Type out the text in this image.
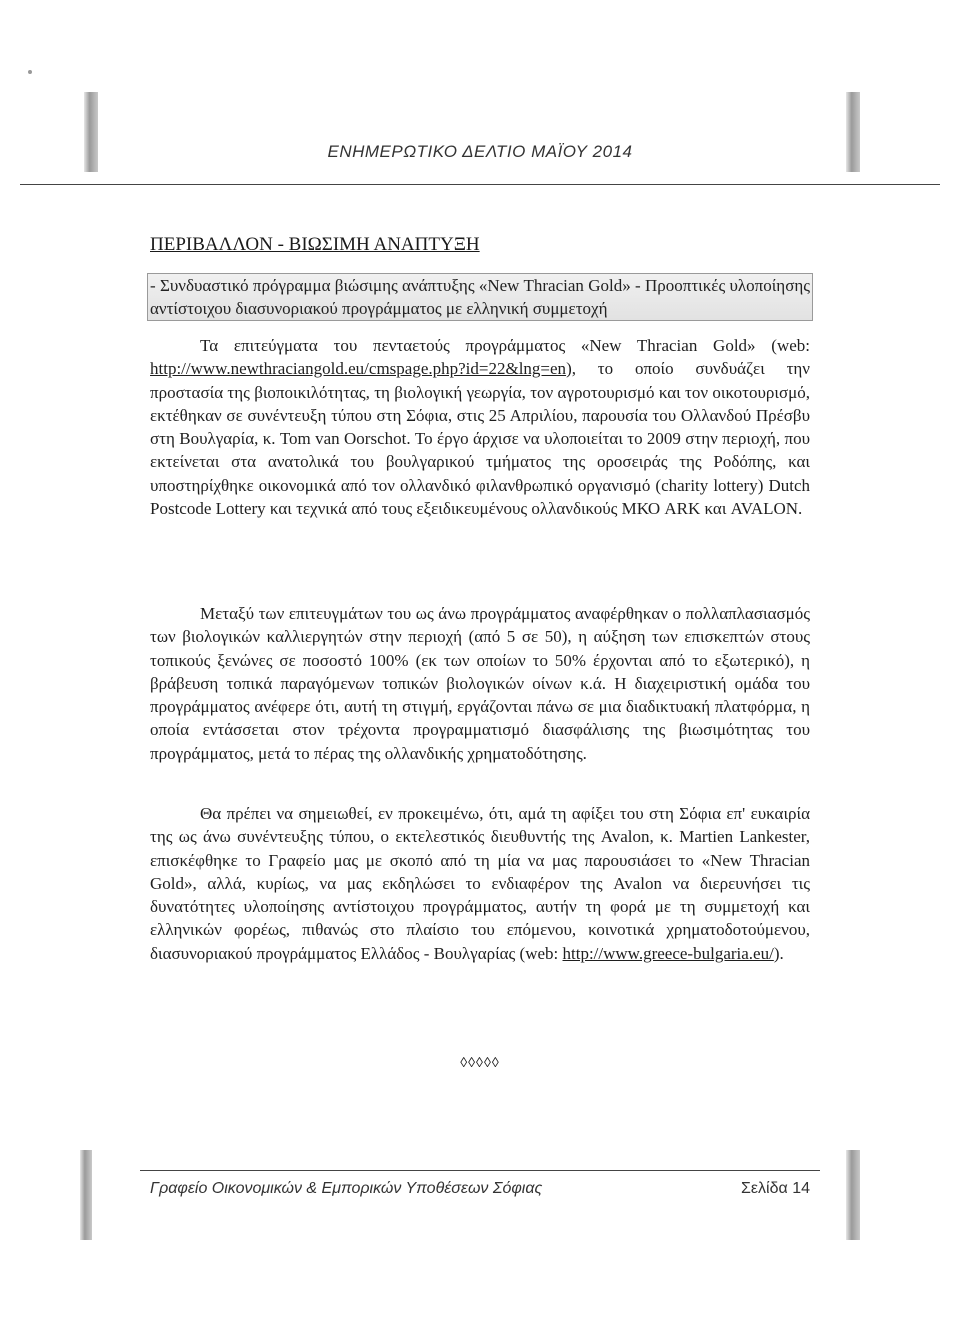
ΕΝΗΜΕΡΩΤΙΚΟ ΔΕΛΤΙΟ ΜΑΪΟΥ 2014
ΠΕΡΙΒΑΛΛΟΝ - ΒΙΩΣΙΜΗ ΑΝΑΠΤΥΞΗ
- Συνδυαστικό πρόγραμμα βιώσιμης ανάπτυξης «New Thracian Gold» - Προοπτικές υλοποίησης αντίστοιχου διασυνοριακού προγράμματος με ελληνική συμμετοχή
Τα επιτεύγματα του πενταετούς προγράμματος «New Thracian Gold» (web: http://www.newthraciangold.eu/cmspage.php?id=22&lng=en), το οποίο συνδυάζει την προστασία της βιοποικιλότητας, τη βιολογική γεωργία, τον αγροτουρισμό και τον οικοτουρισμό, εκτέθηκαν σε συνέντευξη τύπου στη Σόφια, στις 25 Απριλίου, παρουσία του Ολλανδού Πρέσβυ στη Βουλγαρία, κ. Tom van Oorschot. Το έργο άρχισε να υλοποιείται το 2009 στην περιοχή, που εκτείνεται στα ανατολικά του βουλγαρικού τμήματος της οροσειράς της Ροδόπης, και υποστηρίχθηκε οικονομικά από τον ολλανδικό φιλανθρωπικό οργανισμό (charity lottery) Dutch Postcode Lottery και τεχνικά από τους εξειδικευμένους ολλανδικούς ΜΚΟ ARK και AVALON.
Μεταξύ των επιτευγμάτων του ως άνω προγράμματος αναφέρθηκαν ο πολλαπλασιασμός των βιολογικών καλλιεργητών στην περιοχή (από 5 σε 50), η αύξηση των επισκεπτών στους τοπικούς ξενώνες σε ποσοστό 100% (εκ των οποίων το 50% έρχονται από το εξωτερικό), η βράβευση τοπικά παραγόμενων τοπικών βιολογικών οίνων κ.ά. Η διαχειριστική ομάδα του προγράμματος ανέφερε ότι, αυτή τη στιγμή, εργάζονται πάνω σε μια διαδικτυακή πλατφόρμα, η οποία εντάσσεται στον τρέχοντα προγραμματισμό διασφάλισης της βιωσιμότητας του προγράμματος, μετά το πέρας της ολλανδικής χρηματοδότησης.
Θα πρέπει να σημειωθεί, εν προκειμένω, ότι, αμά τη αφίξει του στη Σόφια επ' ευκαιρία της ως άνω συνέντευξης τύπου, ο εκτελεστικός διευθυντής της Avalon, κ. Martien Lankester, επισκέφθηκε το Γραφείο μας με σκοπό από τη μία να μας παρουσιάσει το «New Thracian Gold», αλλά, κυρίως, να μας εκδηλώσει το ενδιαφέρον της Avalon να διερευνήσει τις δυνατότητες υλοποίησης αντίστοιχου προγράμματος, αυτήν τη φορά με τη συμμετοχή και ελληνικών φορέως, πιθανώς στο πλαίσιο του επόμενου, κοινοτικά χρηματοδοτούμενου, διασυνοριακού προγράμματος Ελλάδος - Βουλγαρίας (web: http://www.greece-bulgaria.eu/).
◊◊◊◊◊
Γραφείο Οικονομικών & Εμπορικών Υποθέσεων Σόφιας	Σελίδα 14
